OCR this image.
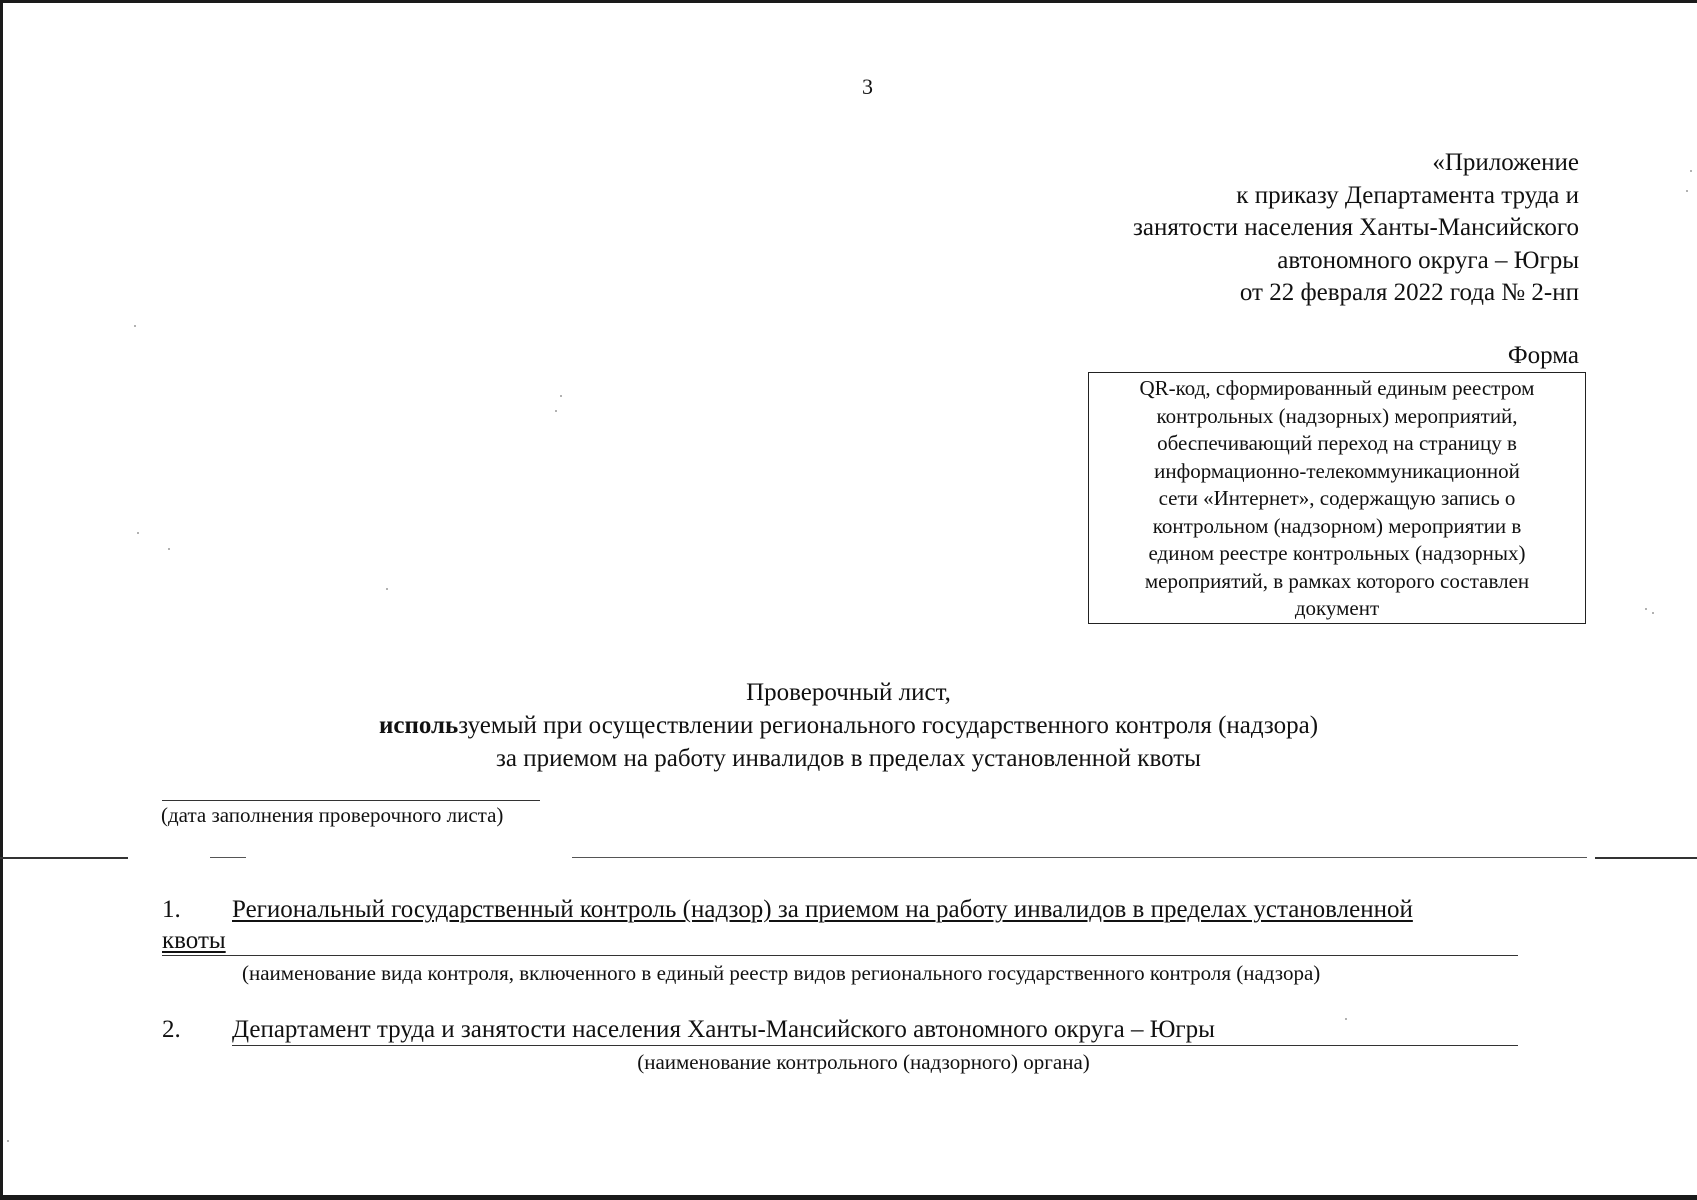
3
«Приложение
к приказу Департамента труда и
занятости населения Ханты-Мансийского
автономного округа – Югры
от 22 февраля 2022 года № 2-нп
Форма
QR-код, сформированный единым реестром
контрольных (надзорных) мероприятий,
обеспечивающий переход на страницу в
информационно-телекоммуникационной
сети «Интернет», содержащую запись о
контрольном (надзорном) мероприятии в
едином реестре контрольных (надзорных)
мероприятий, в рамках которого составлен
документ
Проверочный лист,
используемый при осуществлении регионального государственного контроля (надзора)
за приемом на работу инвалидов в пределах установленной квоты
(дата заполнения проверочного листа)
1. Региональный государственный контроль (надзор) за приемом на работу инвалидов в пределах установленной
квоты
(наименование вида контроля, включенного в единый реестр видов регионального государственного контроля (надзора)
2. Департамент труда и занятости населения Ханты-Мансийского автономного округа – Югры
(наименование контрольного (надзорного) органа)
